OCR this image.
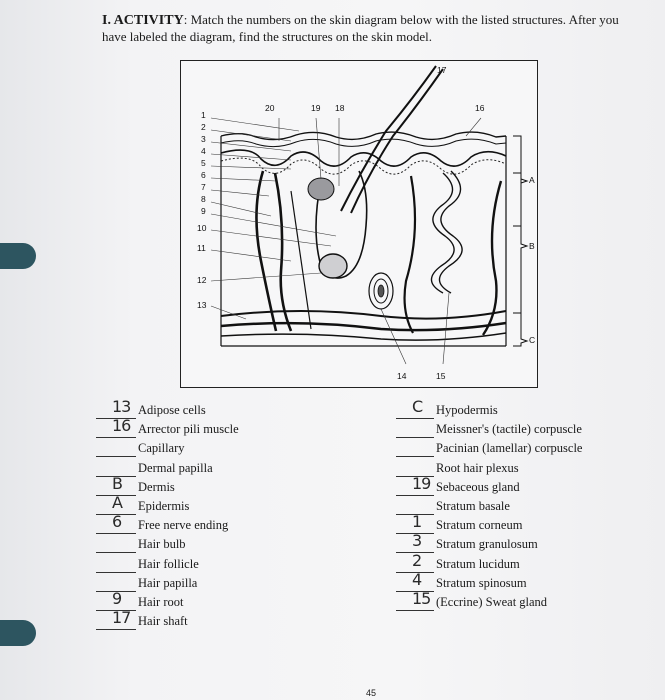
I. ACTIVITY: Match the numbers on the skin diagram below with the listed structures. After you
have labeled the diagram, find the structures on the skin model.
1
2
3
4
5
6
7
8
9
10
11
12
13
20	19 18	16
17
14	15
A
B
C
13 Adipose cells
16 Arrector pili muscle
Capillary
Dermal papilla
B Dermis
A Epidermis
6 Free nerve ending
Hair bulb
Hair follicle
Hair papilla
9 Hair root
17 Hair shaft
C Hypodermis
Meissner's (tactile) corpuscle
Pacinian (lamellar) corpuscle
Root hair plexus
19 Sebaceous gland
Stratum basale
1 Stratum corneum
3 Stratum granulosum
2 Stratum lucidum
4 Stratum spinosum
15 (Eccrine) Sweat gland
45
